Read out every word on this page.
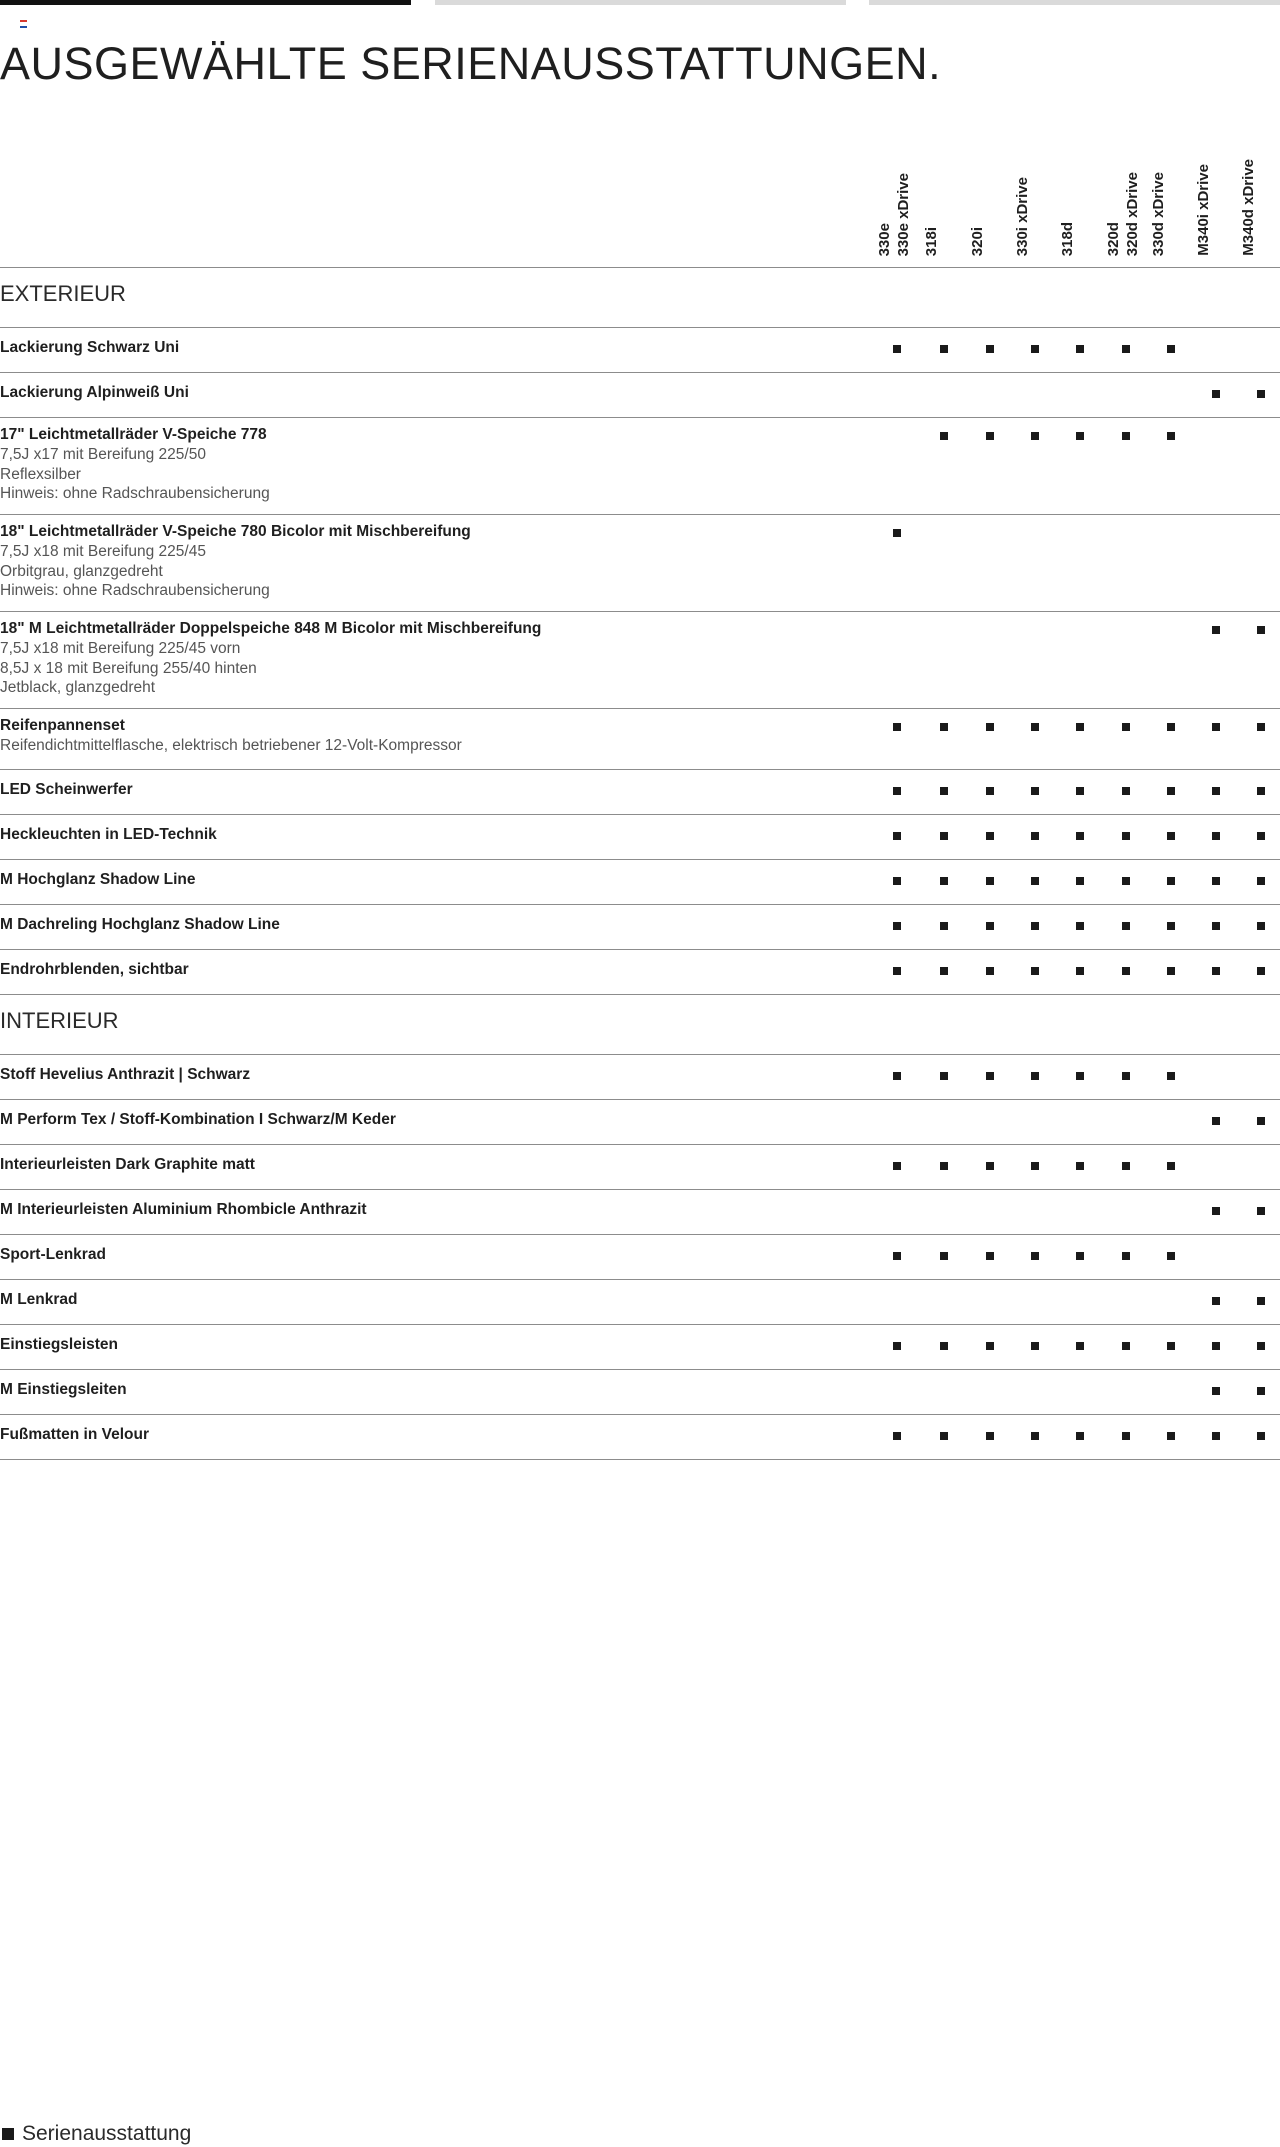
AUSGEWÄHLTE SERIENAUSSTATTUNGEN.
330e 330e xDrive 318i 320i 330i xDrive 318d 320d 320d xDrive 330d xDrive M340i xDrive M340d xDrive
EXTERIEUR
Lackierung Schwarz Uni
Lackierung Alpinweiß Uni
17" Leichtmetallräder V-Speiche 778
7,5J x17 mit Bereifung 225/50
Reflexsilber
Hinweis: ohne Radschraubensicherung
18" Leichtmetallräder V-Speiche 780 Bicolor mit Mischbereifung
7,5J x18 mit Bereifung 225/45
Orbitgrau, glanzgedreht
Hinweis: ohne Radschraubensicherung
18" M Leichtmetallräder Doppelspeiche 848 M Bicolor mit Mischbereifung
7,5J x18 mit Bereifung 225/45 vorn
8,5J x 18 mit Bereifung 255/40 hinten
Jetblack, glanzgedreht
Reifenpannenset
Reifendichtmittelflasche, elektrisch betriebener 12-Volt-Kompressor
LED Scheinwerfer
Heckleuchten in LED-Technik
M Hochglanz Shadow Line
M Dachreling Hochglanz Shadow Line
Endrohrblenden, sichtbar
INTERIEUR
Stoff Hevelius Anthrazit | Schwarz
M Perform Tex / Stoff-Kombination I Schwarz/M Keder
Interieurleisten Dark Graphite matt
M Interieurleisten Aluminium Rhombicle Anthrazit
Sport-Lenkrad
M Lenkrad
Einstiegsleisten
M Einstiegsleiten
Fußmatten in Velour
Serienausstattung
